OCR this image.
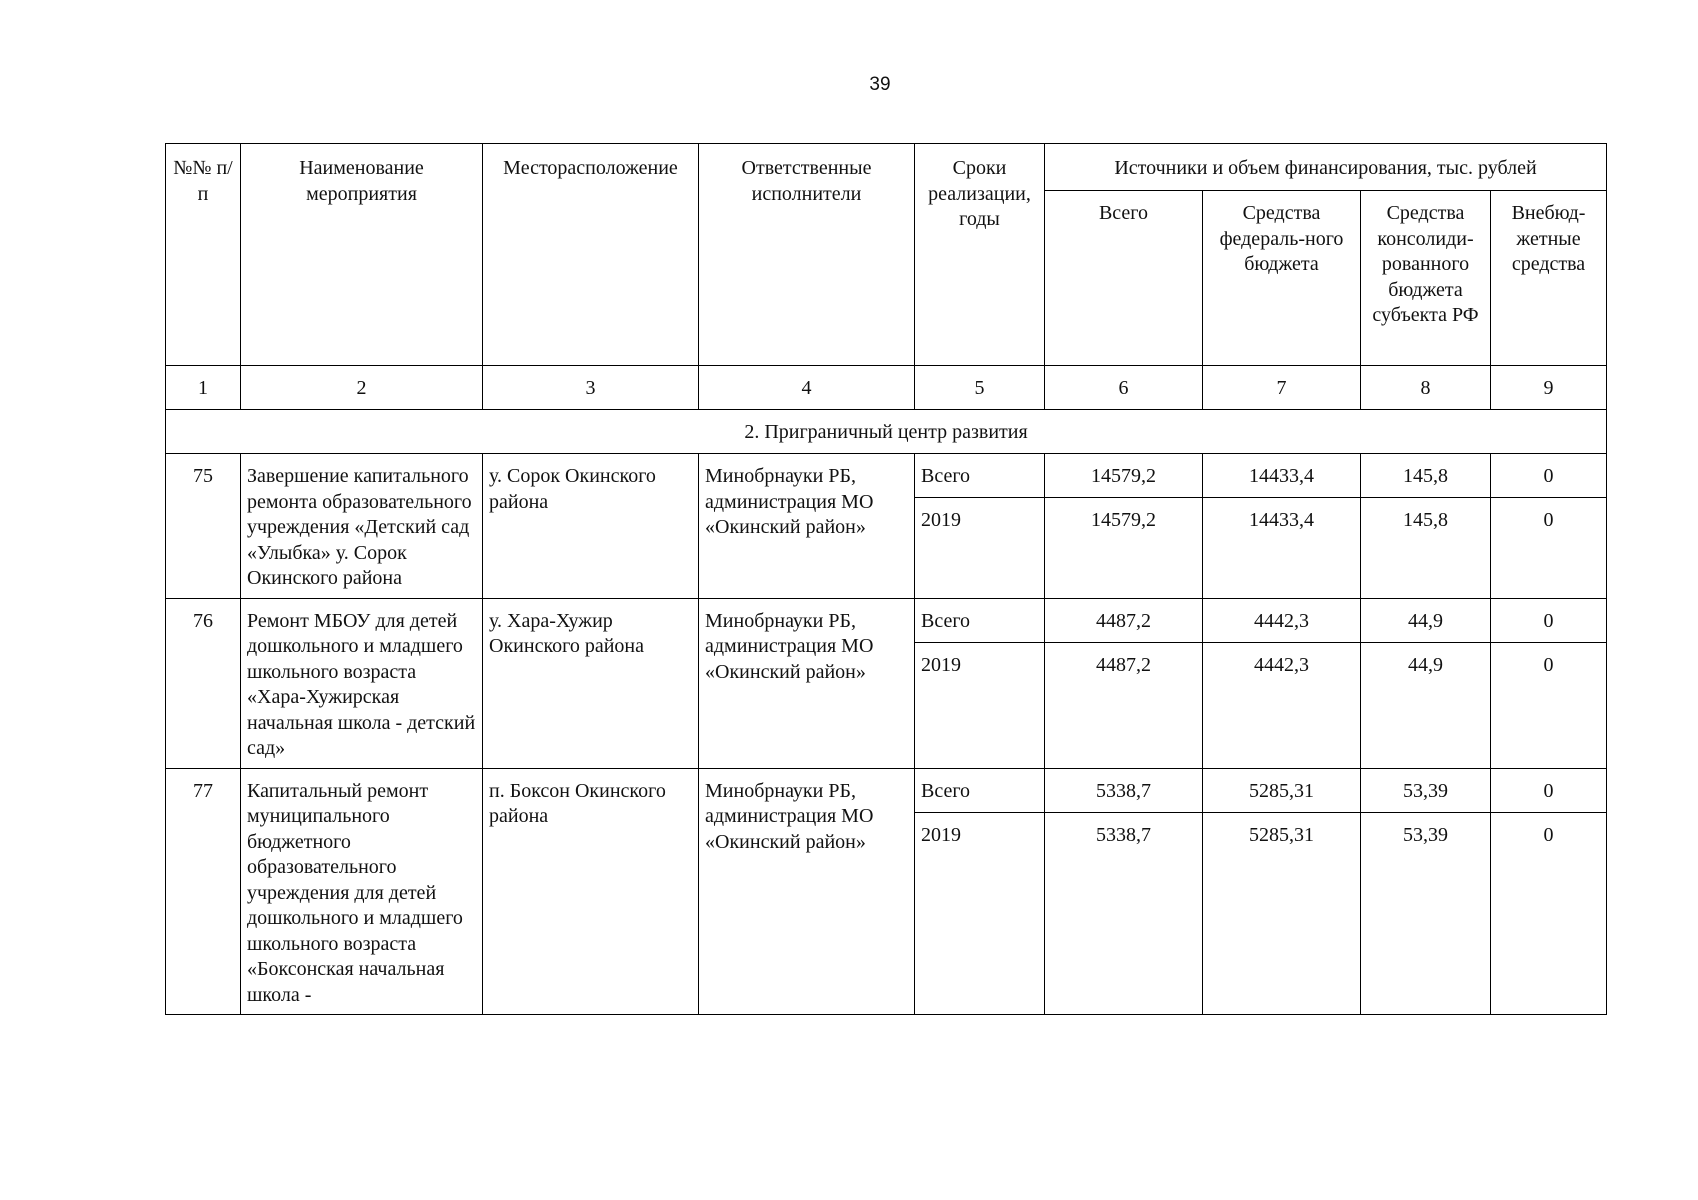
39
№№ п/п	Наименование мероприятия	Месторасположение	Ответственные исполнители	Сроки реализации, годы	Источники и объем финансирования, тыс. рублей			
					Всего	Средства федераль-ного бюджета	Средства консолиди-рованного бюджета субъекта РФ	Внебюд-жетные средства
1	2	3	4	5	6	7	8	9
2. Приграничный центр развития								
75	Завершение капитального ремонта образовательного учреждения «Детский сад «Улыбка» у. Сорок Окинского района	у. Сорок Окинского района	Минобрнауки РБ, администрация МО «Окинский район»	Всего	14579,2	14433,4	145,8	0
				2019	14579,2	14433,4	145,8	0

76	Ремонт МБОУ для детей дошкольного и младшего школьного возраста «Хара-Хужирская начальная школа - детский сад»	у. Хара-Хужир Окинского района	Минобрнауки РБ, администрация МО «Окинский район»	Всего	4487,2	4442,3	44,9	0
				2019	4487,2	4442,3	44,9	0

77	Капитальный ремонт муниципального бюджетного образовательного учреждения для детей дошкольного и младшего школьного возраста «Боксонская начальная школа -	п. Боксон Окинского района	Минобрнауки РБ, администрация МО «Окинский район»	Всего	5338,7	5285,31	53,39	0
				2019	5338,7	5285,31	53,39	0
